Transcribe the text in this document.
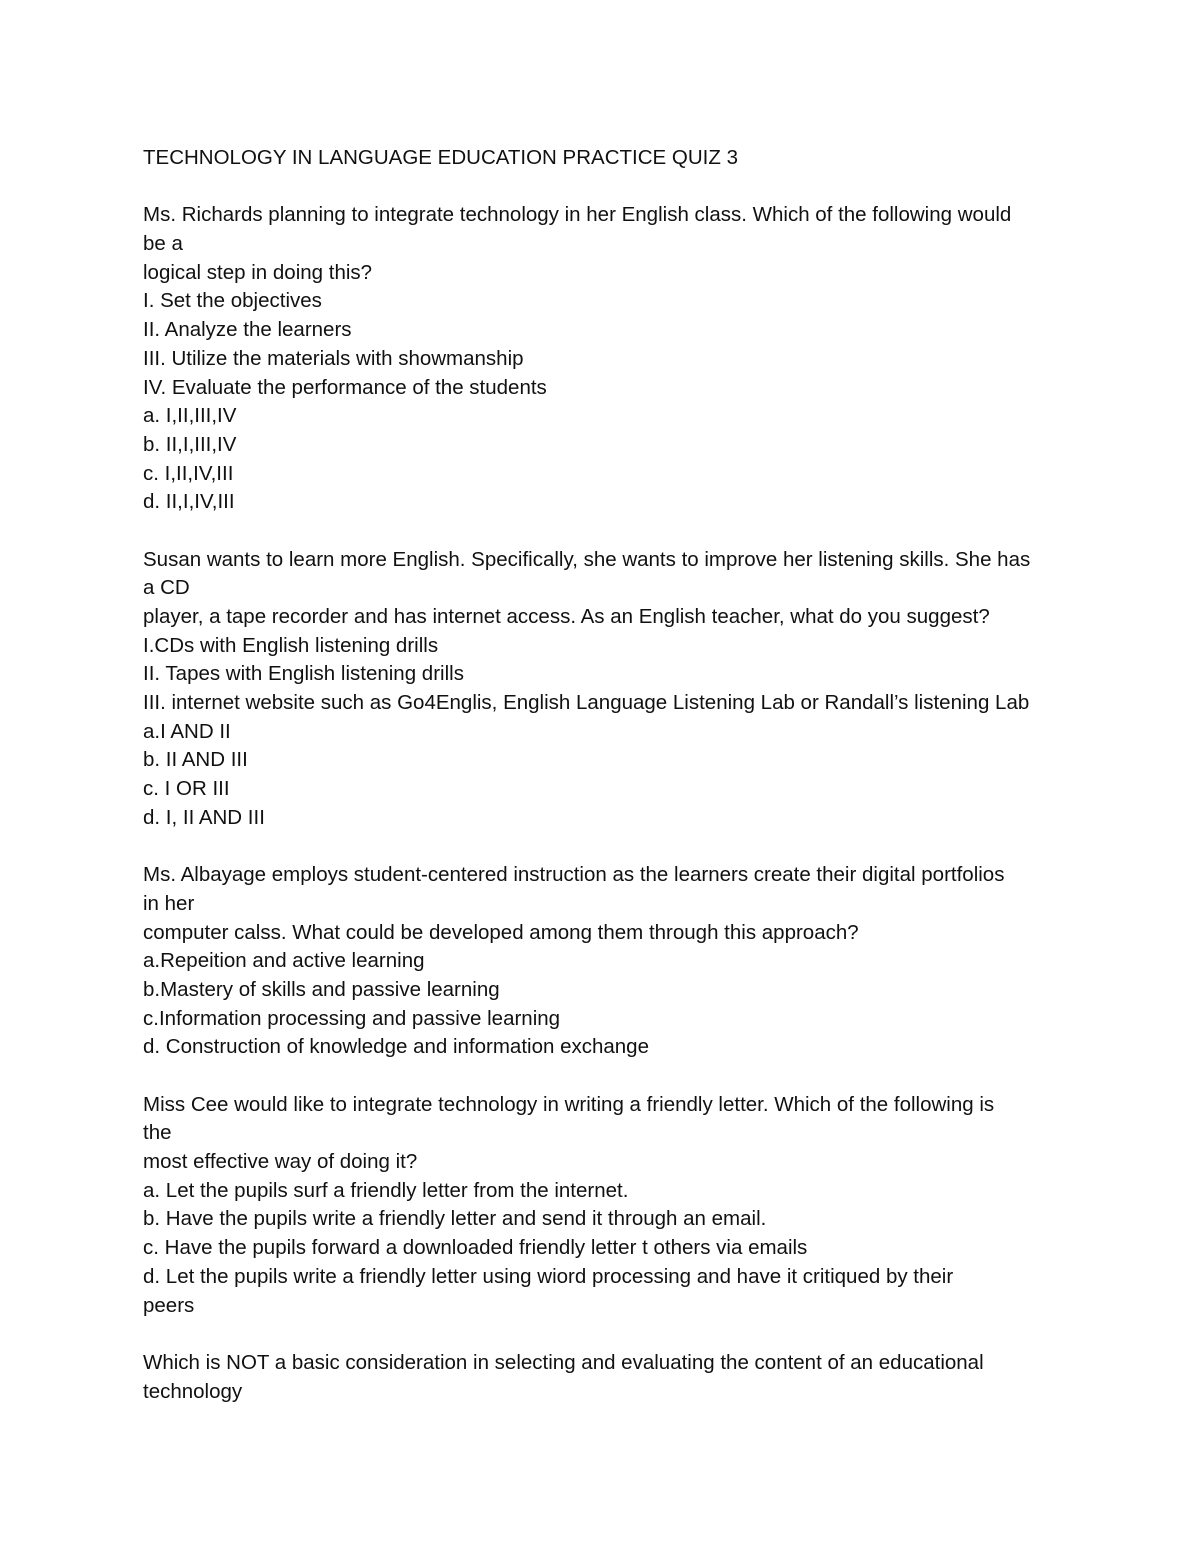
TECHNOLOGY IN LANGUAGE EDUCATION PRACTICE QUIZ 3
Ms. Richards planning to integrate technology in her English class. Which of the following would
be a
logical step in doing this?
I. Set the objectives
II. Analyze the learners
III. Utilize the materials with showmanship
IV. Evaluate the performance of the students
a. I,II,III,IV
b. II,I,III,IV
c. I,II,IV,III
d. II,I,IV,III
Susan wants to learn more English. Specifically, she wants to improve her listening skills. She has
a CD
player, a tape recorder and has internet access. As an English teacher, what do you suggest?
I.CDs with English listening drills
II. Tapes with English listening drills
III. internet website such as Go4Englis, English Language Listening Lab or Randall’s listening Lab
a.I AND II
b. II AND III
c. I OR III
d. I, II AND III
Ms. Albayage employs student-centered instruction as the learners create their digital portfolios
in her
computer calss. What could be developed among them through this approach?
a.Repeition and active learning
b.Mastery of skills and passive learning
c.Information processing and passive learning
d. Construction of knowledge and information exchange
Miss Cee would like to integrate technology in writing a friendly letter. Which of the following is
the
most effective way of doing it?
a. Let the pupils surf a friendly letter from the internet.
b. Have the pupils write a friendly letter and send it through an email.
c. Have the pupils forward a downloaded friendly letter t others via emails
d. Let the pupils write a friendly letter using wiord processing and have it critiqued by their
peers
Which is NOT a basic consideration in selecting and evaluating the content of an educational
technology
